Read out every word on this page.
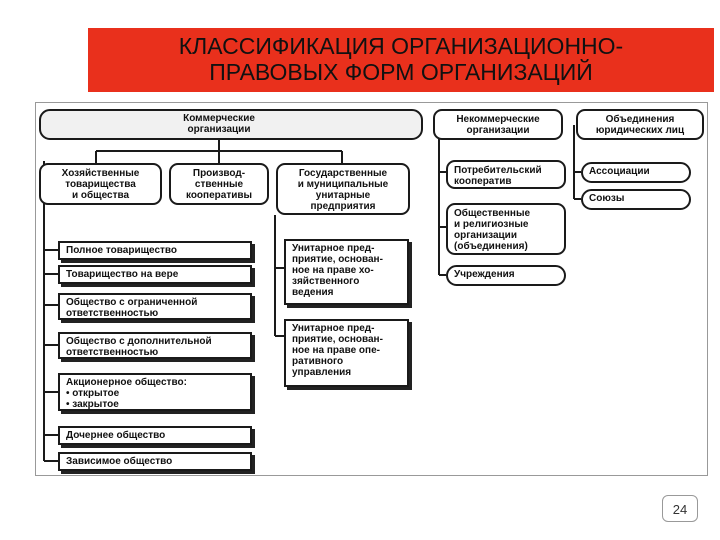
КЛАССИФИКАЦИЯ ОРГАНИЗАЦИОННО-
ПРАВОВЫХ ФОРМ ОРГАНИЗАЦИЙ
Коммерческие
организации
Некоммерческие
организации
Объединения
юридических лиц
Хозяйственные
товарищества
и общества
Производ-
ственные
кооперативы
Государственные
и муниципальные
унитарные
предприятия
Полное товарищество
Товарищество на вере
Общество с ограниченной
ответственностью
Общество с дополнительной
ответственностью
Акционерное общество:
• открытое
• закрытое
Дочернее общество
Зависимое общество
Унитарное пред-
приятие, основан-
ное на праве хо-
зяйственного
ведения
Унитарное пред-
приятие, основан-
ное на праве опе-
ративного
управления
Потребительский
кооператив
Общественные
и религиозные
организации
(объединения)
Учреждения
Ассоциации
Союзы
24
